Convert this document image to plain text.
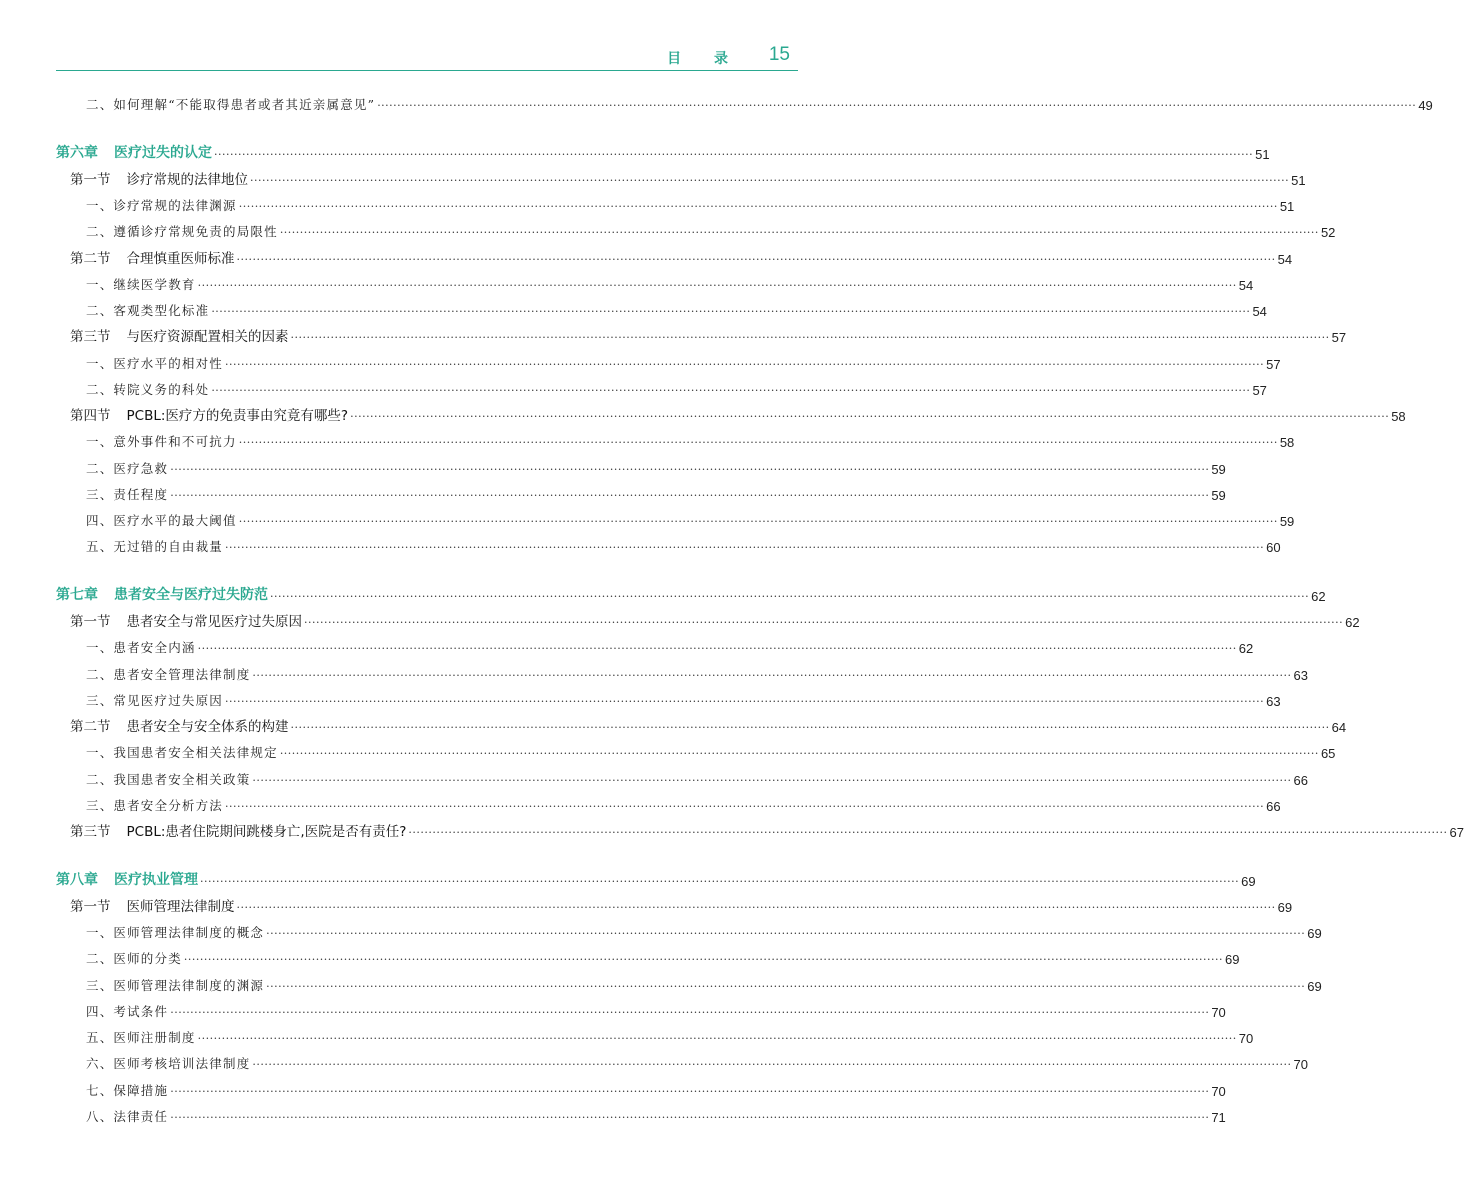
目 录 15
二、如何理解“不能取得患者或者其近亲属意见” ···································································································································································································································································· 49
第六章 医疗过失的认定 ···································································································································································································································································· 51
第一节 诊疗常规的法律地位 ···································································································································································································································································· 51
一、诊疗常规的法律渊源 ···································································································································································································································································· 51
二、遵循诊疗常规免责的局限性 ···································································································································································································································································· 52
第二节 合理慎重医师标准 ···································································································································································································································································· 54
一、继续医学教育 ···································································································································································································································································· 54
二、客观类型化标准 ···································································································································································································································································· 54
第三节 与医疗资源配置相关的因素 ···································································································································································································································································· 57
一、医疗水平的相对性 ···································································································································································································································································· 57
二、转院义务的科处 ···································································································································································································································································· 57
第四节 PCBL:医疗方的免责事由究竟有哪些? ···································································································································································································································································· 58
一、意外事件和不可抗力 ···································································································································································································································································· 58
二、医疗急救 ···································································································································································································································································· 59
三、责任程度 ···································································································································································································································································· 59
四、医疗水平的最大阈值 ···································································································································································································································································· 59
五、无过错的自由裁量 ···································································································································································································································································· 60
第七章 患者安全与医疗过失防范 ···································································································································································································································································· 62
第一节 患者安全与常见医疗过失原因 ···································································································································································································································································· 62
一、患者安全内涵 ···································································································································································································································································· 62
二、患者安全管理法律制度 ···································································································································································································································································· 63
三、常见医疗过失原因 ···································································································································································································································································· 63
第二节 患者安全与安全体系的构建 ···································································································································································································································································· 64
一、我国患者安全相关法律规定 ···································································································································································································································································· 65
二、我国患者安全相关政策 ···································································································································································································································································· 66
三、患者安全分析方法 ···································································································································································································································································· 66
第三节 PCBL:患者住院期间跳楼身亡,医院是否有责任? ···································································································································································································································································· 67
第八章 医疗执业管理 ···································································································································································································································································· 69
第一节 医师管理法律制度 ···································································································································································································································································· 69
一、医师管理法律制度的概念 ···································································································································································································································································· 69
二、医师的分类 ···································································································································································································································································· 69
三、医师管理法律制度的渊源 ···································································································································································································································································· 69
四、考试条件 ···································································································································································································································································· 70
五、医师注册制度 ···································································································································································································································································· 70
六、医师考核培训法律制度 ···································································································································································································································································· 70
七、保障措施 ···································································································································································································································································· 70
八、法律责任 ···································································································································································································································································· 71
